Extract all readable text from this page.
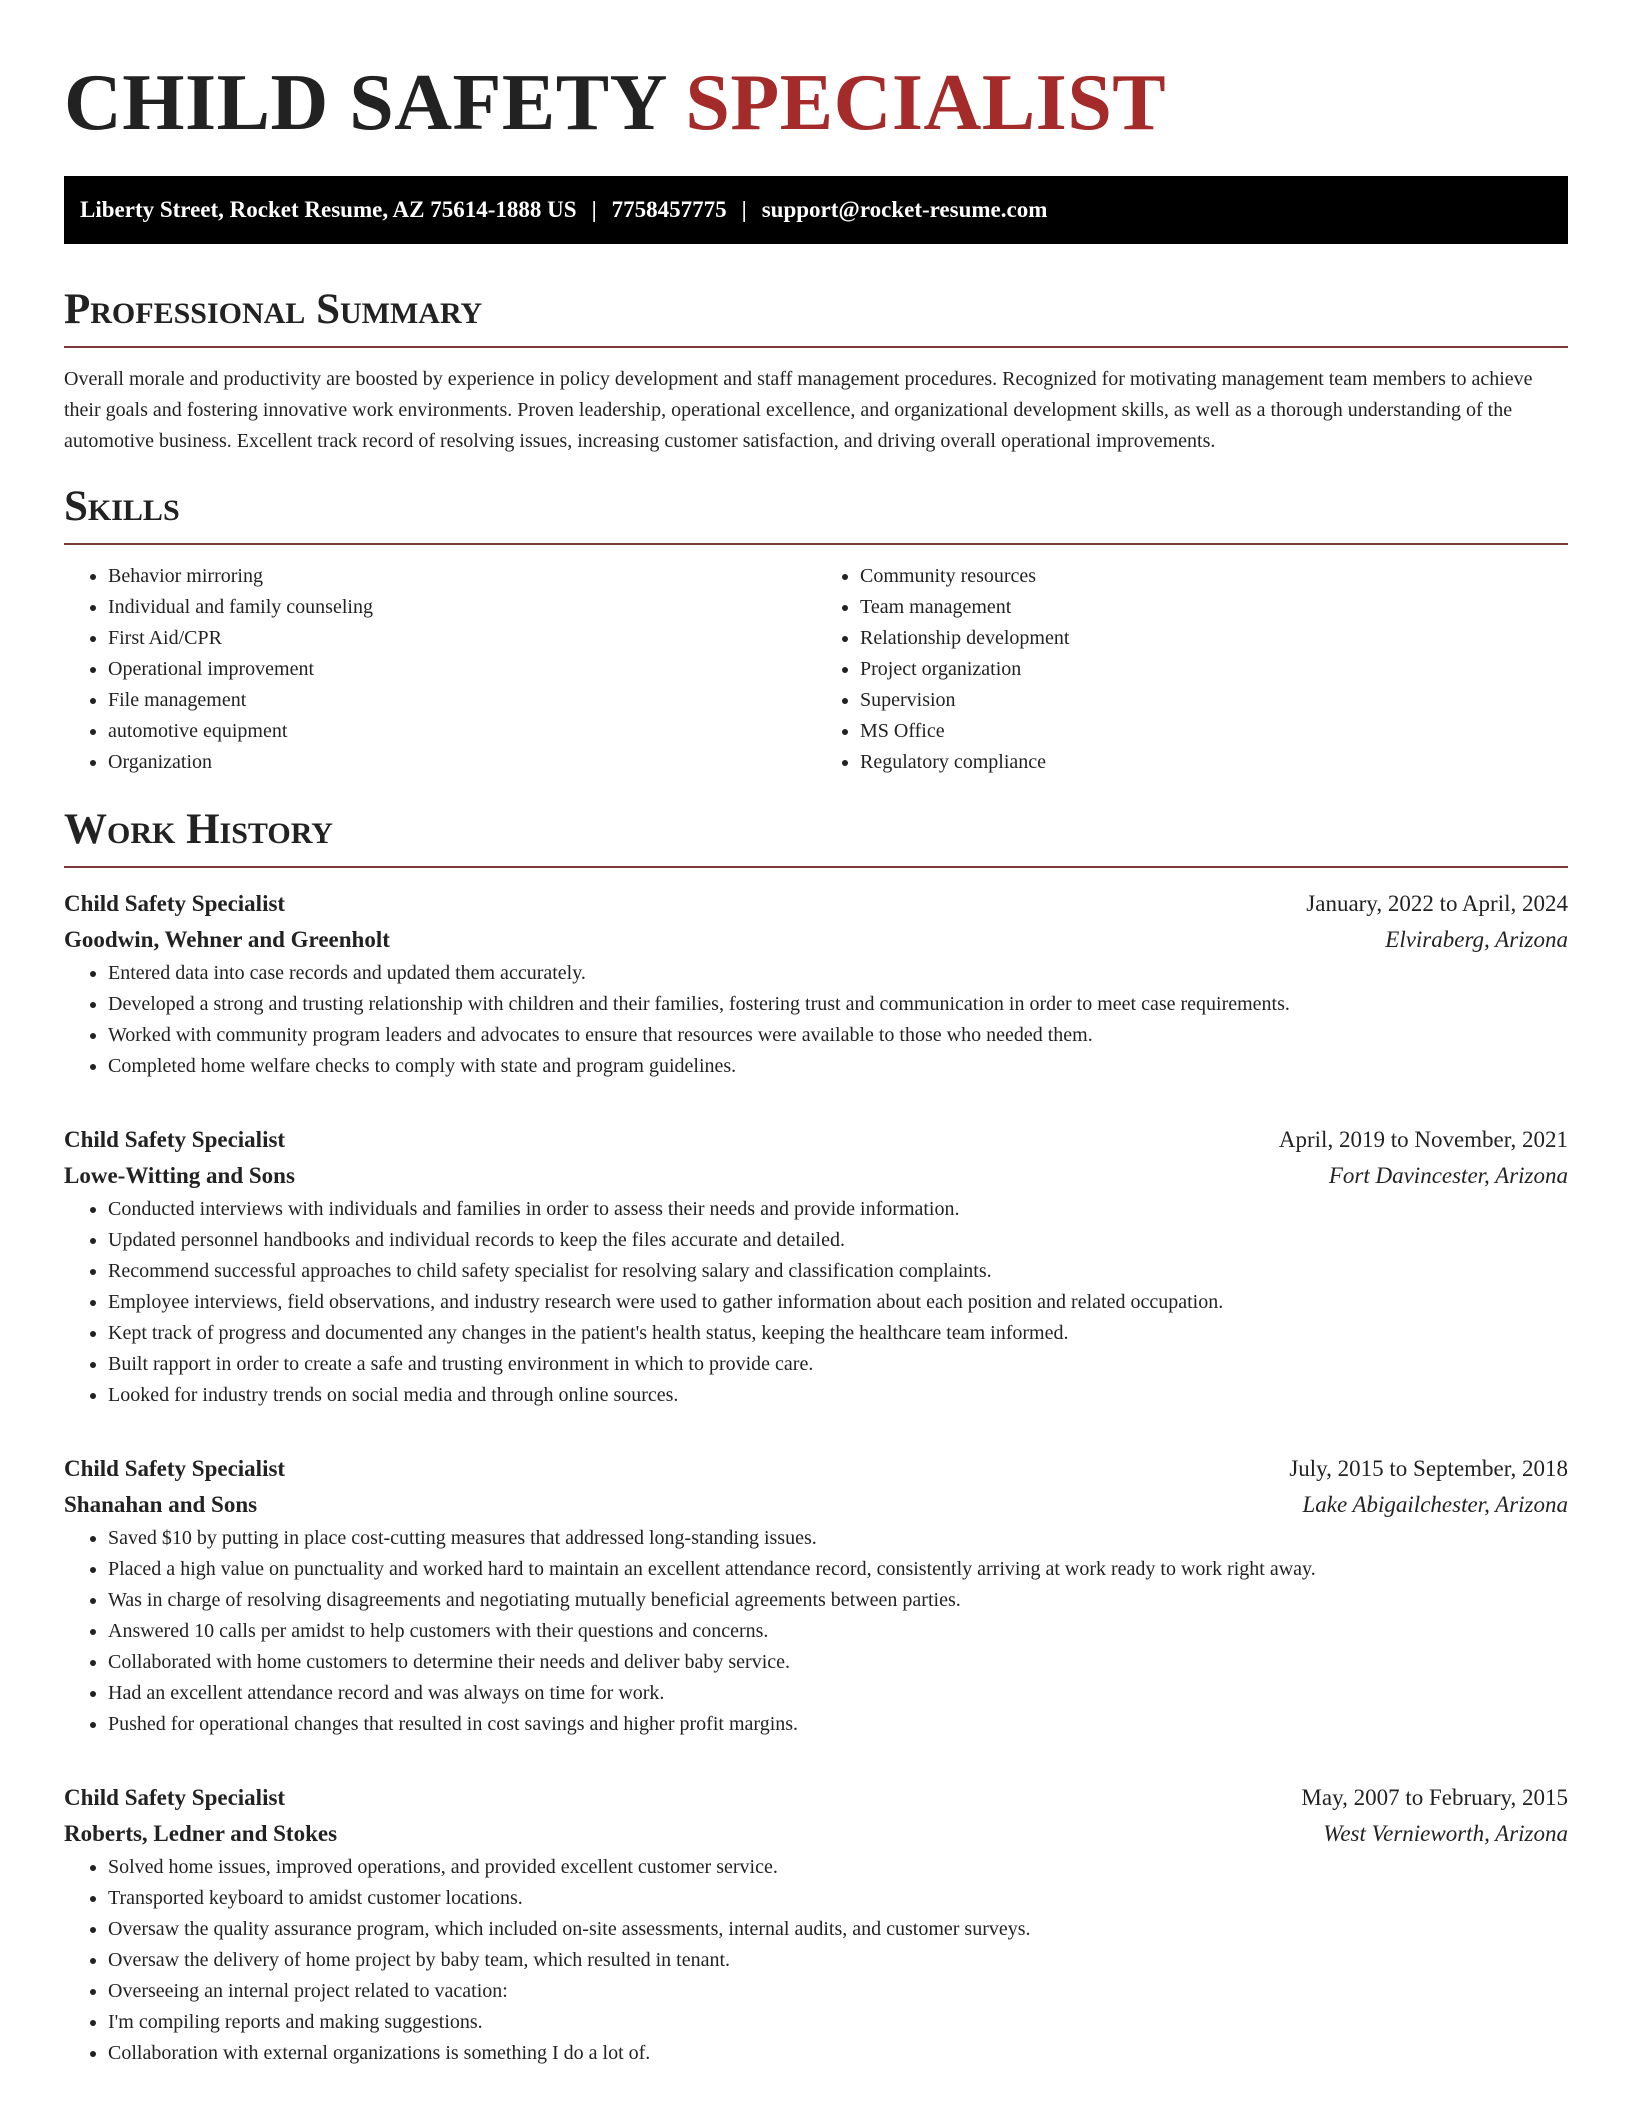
CHILD SAFETY SPECIALIST
Liberty Street, Rocket Resume, AZ 75614-1888 US | 7758457775 | support@rocket-resume.com
Professional Summary

Overall morale and productivity are boosted by experience in policy development and staff management procedures. Recognized for motivating management team members to achieve their goals and fostering innovative work environments. Proven leadership, operational excellence, and organizational development skills, as well as a thorough understanding of the automotive business. Excellent track record of resolving issues, increasing customer satisfaction, and driving overall operational improvements.

Skills
• Behavior mirroring
• Individual and family counseling
• First Aid/CPR
• Operational improvement
• File management
• automotive equipment
• Organization
• Community resources
• Team management
• Relationship development
• Project organization
• Supervision
• MS Office
• Regulatory compliance
Work History
Child Safety Specialist	January, 2022 to April, 2024
Goodwin, Wehner and Greenholt	Elviraberg, Arizona
• Entered data into case records and updated them accurately.
• Developed a strong and trusting relationship with children and their families, fostering trust and communication in order to meet case requirements.
• Worked with community program leaders and advocates to ensure that resources were available to those who needed them.
• Completed home welfare checks to comply with state and program guidelines.
Child Safety Specialist	April, 2019 to November, 2021
Lowe-Witting and Sons	Fort Davincester, Arizona
• Conducted interviews with individuals and families in order to assess their needs and provide information.
• Updated personnel handbooks and individual records to keep the files accurate and detailed.
• Recommend successful approaches to child safety specialist for resolving salary and classification complaints.
• Employee interviews, field observations, and industry research were used to gather information about each position and related occupation.
• Kept track of progress and documented any changes in the patient's health status, keeping the healthcare team informed.
• Built rapport in order to create a safe and trusting environment in which to provide care.
• Looked for industry trends on social media and through online sources.
Child Safety Specialist	July, 2015 to September, 2018
Shanahan and Sons	Lake Abigailchester, Arizona
• Saved $10 by putting in place cost-cutting measures that addressed long-standing issues.
• Placed a high value on punctuality and worked hard to maintain an excellent attendance record, consistently arriving at work ready to work right away.
• Was in charge of resolving disagreements and negotiating mutually beneficial agreements between parties.
• Answered 10 calls per amidst to help customers with their questions and concerns.
• Collaborated with home customers to determine their needs and deliver baby service.
• Had an excellent attendance record and was always on time for work.
• Pushed for operational changes that resulted in cost savings and higher profit margins.
Child Safety Specialist	May, 2007 to February, 2015
Roberts, Ledner and Stokes	West Vernieworth, Arizona
• Solved home issues, improved operations, and provided excellent customer service.
• Transported keyboard to amidst customer locations.
• Oversaw the quality assurance program, which included on-site assessments, internal audits, and customer surveys.
• Oversaw the delivery of home project by baby team, which resulted in tenant.
• Overseeing an internal project related to vacation:
• I'm compiling reports and making suggestions.
• Collaboration with external organizations is something I do a lot of.
